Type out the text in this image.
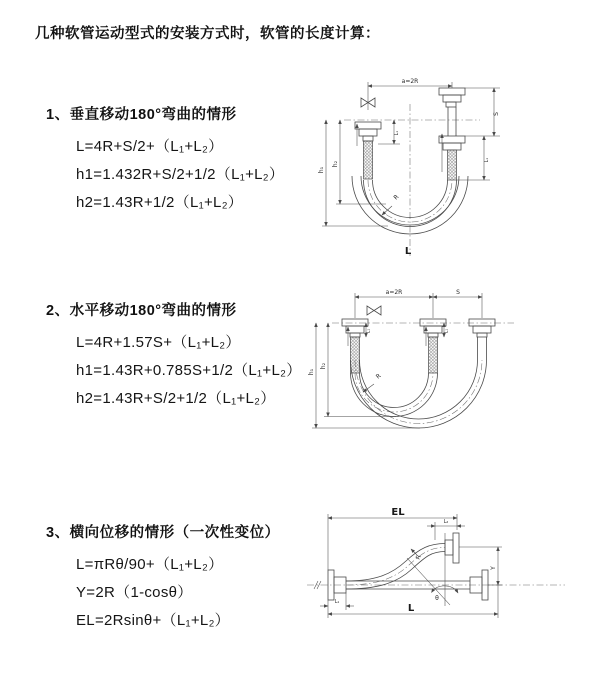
几种软管运动型式的安装方式时，软管的长度计算：
1、垂直移动180°弯曲的情形
L=4R+S/2+（L₁+L₂）
h1=1.432R+S/2+1/2（L₁+L₂）
h2=1.43R+1/2（L₁+L₂）
2、水平移动180°弯曲的情形
L=4R+1.57S+（L₁+L₂）
h1=1.43R+0.785S+1/2（L₁+L₂）
h2=1.43R+S/2+1/2（L₁+L₂）
3、横向位移的情形（一次性变位）
L=πRθ/90+（L₁+L₂）
Y=2R（1-cosθ）
EL=2Rsinθ+（L₁+L₂）
a=2R
R
L
h₁
h₂
S
L₁
L₁
a=2R	S
L₁	L₁
h₁
h₂
R
EL
L₂
Y
L
L₁
R
θ
